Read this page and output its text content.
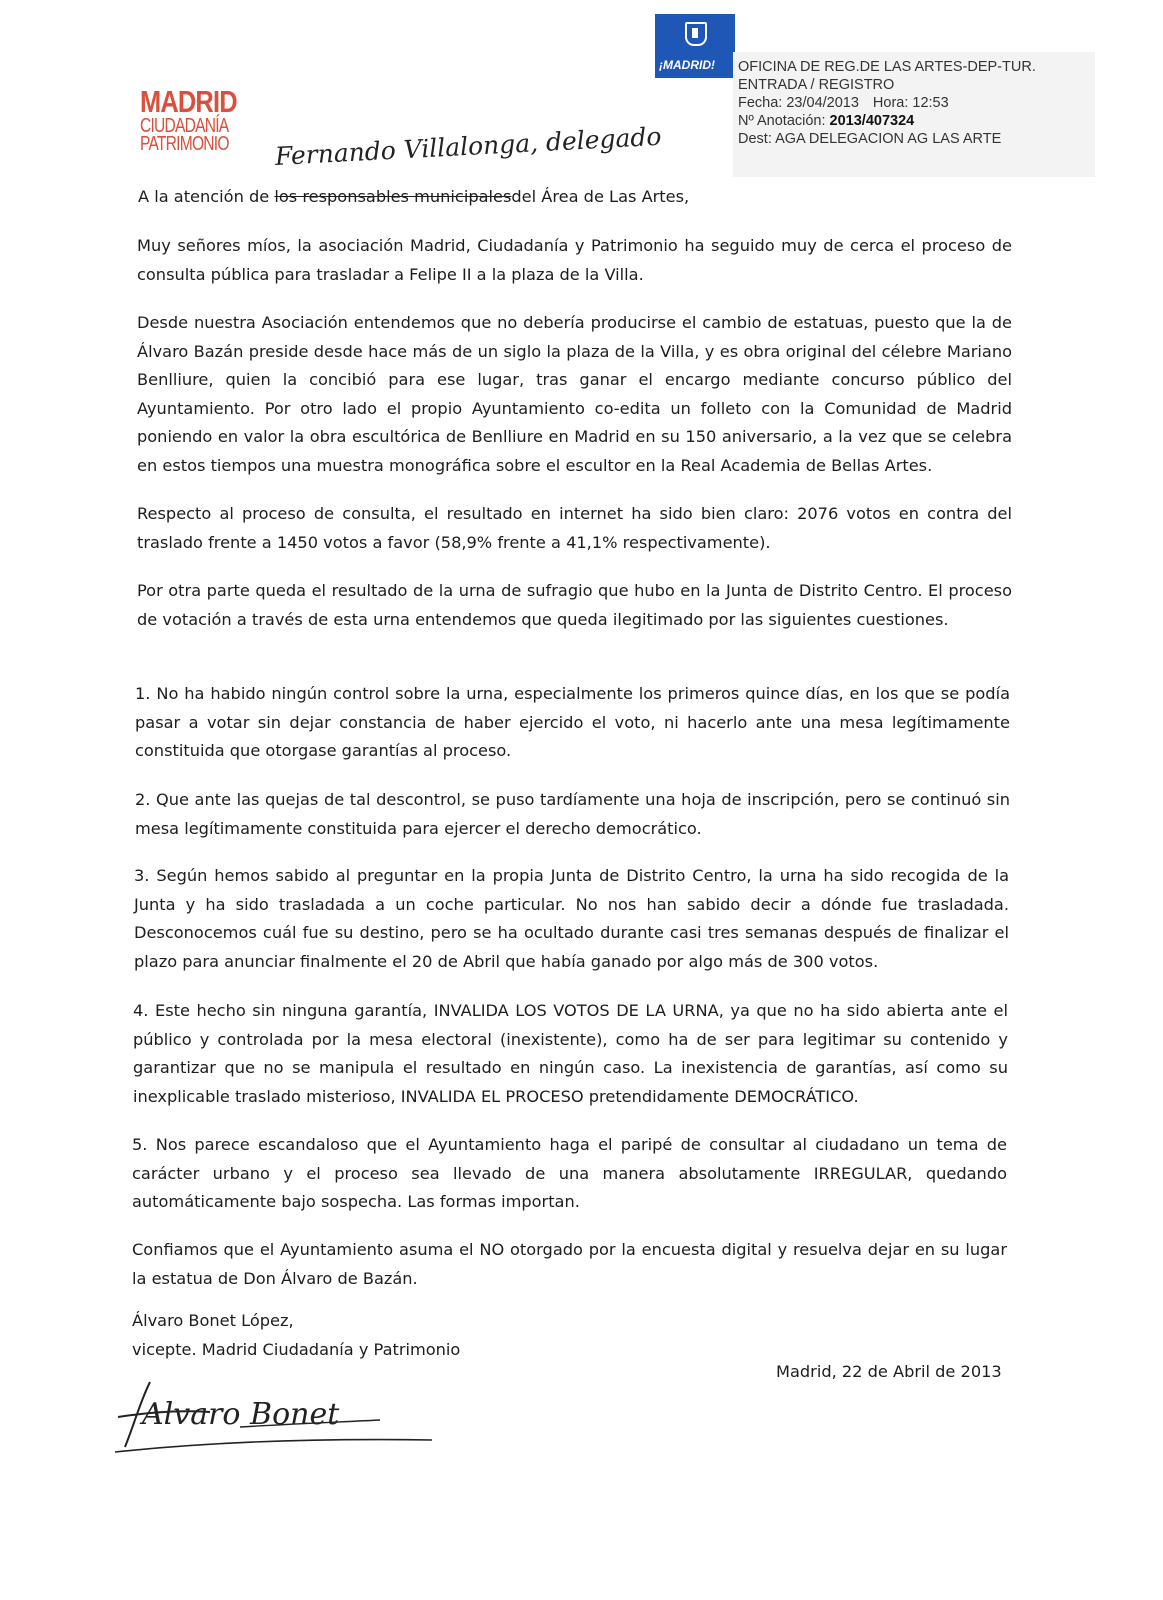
MADRID
CIUDADANÍA
PATRIMONIO
¡MADRID! OFICINA DE REG.DE LAS ARTES-DEP-TUR.
ENTRADA / REGISTRO
Fecha: 23/04/2013 Hora: 12:53
Nº Anotación: 2013/407324
Dest: AGA DELEGACION AG LAS ARTE
Fernando Villalonga, delegado
A la atención de los responsables municipalesdel Área de Las Artes,
Muy señores míos, la asociación Madrid, Ciudadanía y Patrimonio ha seguido muy de cerca el proceso de consulta pública para trasladar a Felipe II a la plaza de la Villa.
Desde nuestra Asociación entendemos que no debería producirse el cambio de estatuas, puesto que la de Álvaro Bazán preside desde hace más de un siglo la plaza de la Villa, y es obra original del célebre Mariano Benlliure, quien la concibió para ese lugar, tras ganar el encargo mediante concurso público del Ayuntamiento. Por otro lado el propio Ayuntamiento co-edita un folleto con la Comunidad de Madrid poniendo en valor la obra escultórica de Benlliure en Madrid en su 150 aniversario, a la vez que se celebra en estos tiempos una muestra monográfica sobre el escultor en la Real Academia de Bellas Artes.
Respecto al proceso de consulta, el resultado en internet ha sido bien claro: 2076 votos en contra del traslado frente a 1450 votos a favor (58,9% frente a 41,1% respectivamente).
Por otra parte queda el resultado de la urna de sufragio que hubo en la Junta de Distrito Centro. El proceso de votación a través de esta urna entendemos que queda ilegitimado por las siguientes cuestiones.
1. No ha habido ningún control sobre la urna, especialmente los primeros quince días, en los que se podía pasar a votar sin dejar constancia de haber ejercido el voto, ni hacerlo ante una mesa legítimamente constituida que otorgase garantías al proceso.
2. Que ante las quejas de tal descontrol, se puso tardíamente una hoja de inscripción, pero se continuó sin mesa legítimamente constituida para ejercer el derecho democrático.
3. Según hemos sabido al preguntar en la propia Junta de Distrito Centro, la urna ha sido recogida de la Junta y ha sido trasladada a un coche particular. No nos han sabido decir a dónde fue trasladada. Desconocemos cuál fue su destino, pero se ha ocultado durante casi tres semanas después de finalizar el plazo para anunciar finalmente el 20 de Abril que había ganado por algo más de 300 votos.
4. Este hecho sin ninguna garantía, INVALIDA LOS VOTOS DE LA URNA, ya que no ha sido abierta ante el público y controlada por la mesa electoral (inexistente), como ha de ser para legitimar su contenido y garantizar que no se manipula el resultado en ningún caso. La inexistencia de garantías, así como su inexplicable traslado misterioso, INVALIDA EL PROCESO pretendidamente DEMOCRÁTICO.
5. Nos parece escandaloso que el Ayuntamiento haga el paripé de consultar al ciudadano un tema de carácter urbano y el proceso sea llevado de una manera absolutamente IRREGULAR, quedando automáticamente bajo sospecha. Las formas importan.
Confiamos que el Ayuntamiento asuma el NO otorgado por la encuesta digital y resuelva dejar en su lugar la estatua de Don Álvaro de Bazán.
Álvaro Bonet López,
vicepte. Madrid Ciudadanía y Patrimonio
Madrid, 22 de Abril de 2013
Alvaro Bonet
